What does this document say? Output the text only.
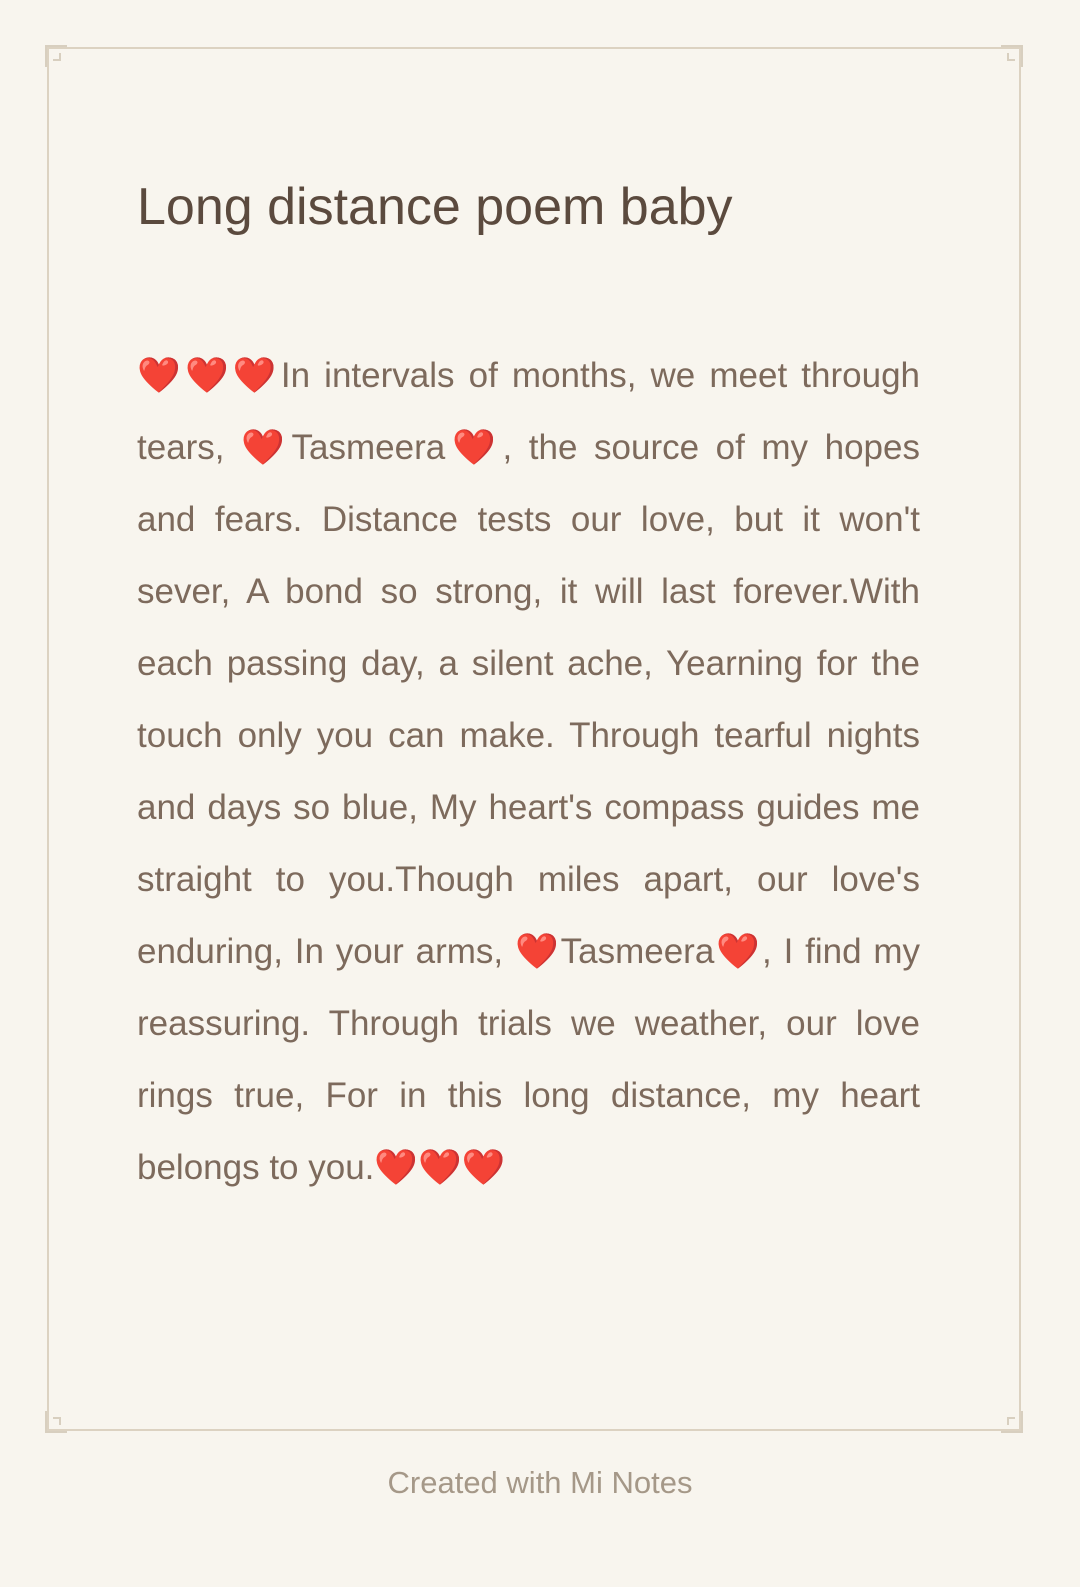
Long distance poem baby

❤️❤️❤️In intervals of months, we meet through tears, ❤️Tasmeera❤️, the source of my hopes and fears. Distance tests our love, but it won't sever, A bond so strong, it will last forever.With each passing day, a silent ache, Yearning for the touch only you can make. Through tearful nights and days so blue, My heart's compass guides me straight to you.Though miles apart, our love's enduring, In your arms, ❤️Tasmeera❤️, I find my reassuring. Through trials we weather, our love rings true, For in this long distance, my heart belongs to you.❤️❤️❤️

Created with Mi Notes
